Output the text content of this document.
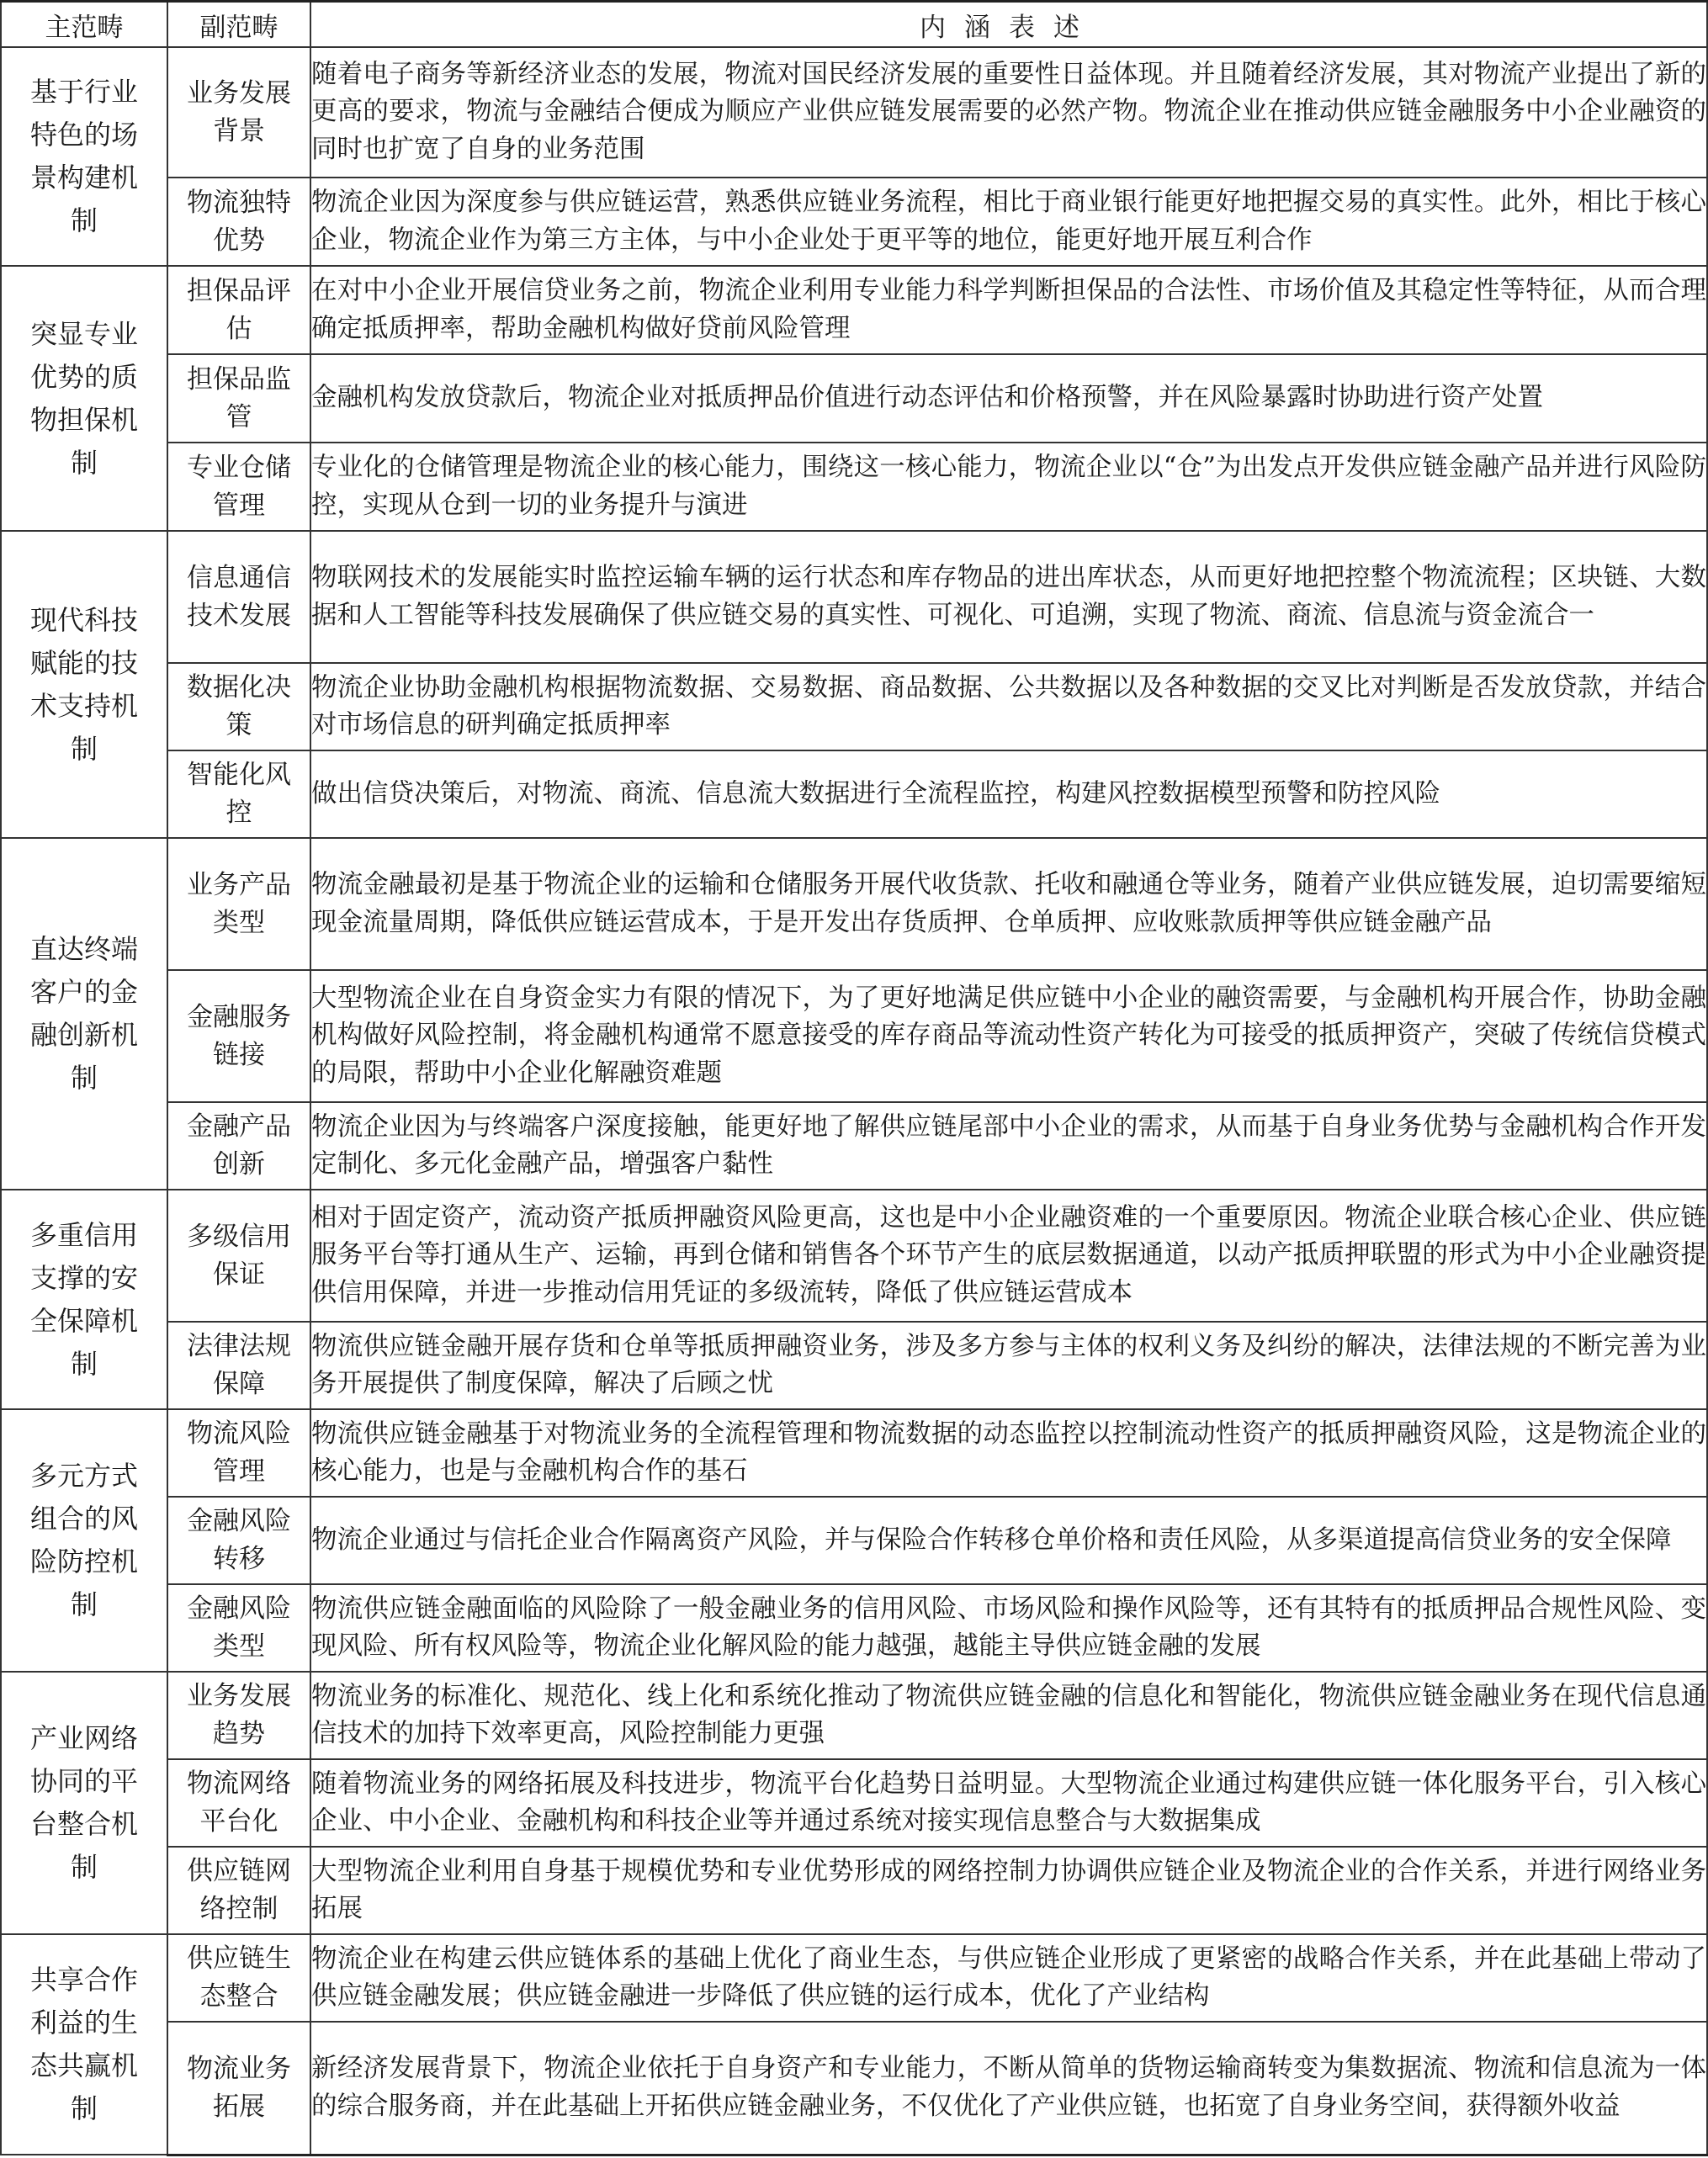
主范畴	副范畴	内涵表述

基于行业特色的场景构建机制	业务发展背景	随着电子商务等新经济业态的发展，物流对国民经济发展的重要性日益体现。并且随着经济发展，其对物流产业提出了新的更高的要求，物流与金融结合便成为顺应产业供应链发展需要的必然产物。物流企业在推动供应链金融服务中小企业融资的同时也扩宽了自身的业务范围

	物流独特优势	物流企业因为深度参与供应链运营，熟悉供应链业务流程，相比于商业银行能更好地把握交易的真实性。此外，相比于核心企业，物流企业作为第三方主体，与中小企业处于更平等的地位，能更好地开展互利合作

突显专业优势的质物担保机制	担保品评估	在对中小企业开展信贷业务之前，物流企业利用专业能力科学判断担保品的合法性、市场价值及其稳定性等特征，从而合理确定抵质押率，帮助金融机构做好贷前风险管理

	担保品监管	金融机构发放贷款后，物流企业对抵质押品价值进行动态评估和价格预警，并在风险暴露时协助进行资产处置

	专业仓储管理	专业化的仓储管理是物流企业的核心能力，围绕这一核心能力，物流企业以“仓”为出发点开发供应链金融产品并进行风险防控，实现从仓到一切的业务提升与演进

现代科技赋能的技术支持机制	信息通信技术发展	物联网技术的发展能实时监控运输车辆的运行状态和库存物品的进出库状态，从而更好地把控整个物流流程；区块链、大数据和人工智能等科技发展确保了供应链交易的真实性、可视化、可追溯，实现了物流、商流、信息流与资金流合一

	数据化决策	物流企业协助金融机构根据物流数据、交易数据、商品数据、公共数据以及各种数据的交叉比对判断是否发放贷款，并结合对市场信息的研判确定抵质押率

	智能化风控	做出信贷决策后，对物流、商流、信息流大数据进行全流程监控，构建风控数据模型预警和防控风险

直达终端客户的金融创新机制	业务产品类型	物流金融最初是基于物流企业的运输和仓储服务开展代收货款、托收和融通仓等业务，随着产业供应链发展，迫切需要缩短现金流量周期，降低供应链运营成本，于是开发出存货质押、仓单质押、应收账款质押等供应链金融产品

	金融服务链接	大型物流企业在自身资金实力有限的情况下，为了更好地满足供应链中小企业的融资需要，与金融机构开展合作，协助金融机构做好风险控制，将金融机构通常不愿意接受的库存商品等流动性资产转化为可接受的抵质押资产，突破了传统信贷模式的局限，帮助中小企业化解融资难题

	金融产品创新	物流企业因为与终端客户深度接触，能更好地了解供应链尾部中小企业的需求，从而基于自身业务优势与金融机构合作开发定制化、多元化金融产品，增强客户黏性

多重信用支撑的安全保障机制	多级信用保证	相对于固定资产，流动资产抵质押融资风险更高，这也是中小企业融资难的一个重要原因。物流企业联合核心企业、供应链服务平台等打通从生产、运输，再到仓储和销售各个环节产生的底层数据通道，以动产抵质押联盟的形式为中小企业融资提供信用保障，并进一步推动信用凭证的多级流转，降低了供应链运营成本

	法律法规保障	物流供应链金融开展存货和仓单等抵质押融资业务，涉及多方参与主体的权利义务及纠纷的解决，法律法规的不断完善为业务开展提供了制度保障，解决了后顾之忧

多元方式组合的风险防控机制	物流风险管理	物流供应链金融基于对物流业务的全流程管理和物流数据的动态监控以控制流动性资产的抵质押融资风险，这是物流企业的核心能力，也是与金融机构合作的基石

	金融风险转移	物流企业通过与信托企业合作隔离资产风险，并与保险合作转移仓单价格和责任风险，从多渠道提高信贷业务的安全保障

	金融风险类型	物流供应链金融面临的风险除了一般金融业务的信用风险、市场风险和操作风险等，还有其特有的抵质押品合规性风险、变现风险、所有权风险等，物流企业化解风险的能力越强，越能主导供应链金融的发展

产业网络协同的平台整合机制	业务发展趋势	物流业务的标准化、规范化、线上化和系统化推动了物流供应链金融的信息化和智能化，物流供应链金融业务在现代信息通信技术的加持下效率更高，风险控制能力更强

	物流网络平台化	随着物流业务的网络拓展及科技进步，物流平台化趋势日益明显。大型物流企业通过构建供应链一体化服务平台，引入核心企业、中小企业、金融机构和科技企业等并通过系统对接实现信息整合与大数据集成

	供应链网络控制	大型物流企业利用自身基于规模优势和专业优势形成的网络控制力协调供应链企业及物流企业的合作关系，并进行网络业务拓展

共享合作利益的生态共赢机制	供应链生态整合	物流企业在构建云供应链体系的基础上优化了商业生态，与供应链企业形成了更紧密的战略合作关系，并在此基础上带动了供应链金融发展；供应链金融进一步降低了供应链的运行成本，优化了产业结构

	物流业务拓展	新经济发展背景下，物流企业依托于自身资产和专业能力，不断从简单的货物运输商转变为集数据流、物流和信息流为一体的综合服务商，并在此基础上开拓供应链金融业务，不仅优化了产业供应链，也拓宽了自身业务空间，获得额外收益
